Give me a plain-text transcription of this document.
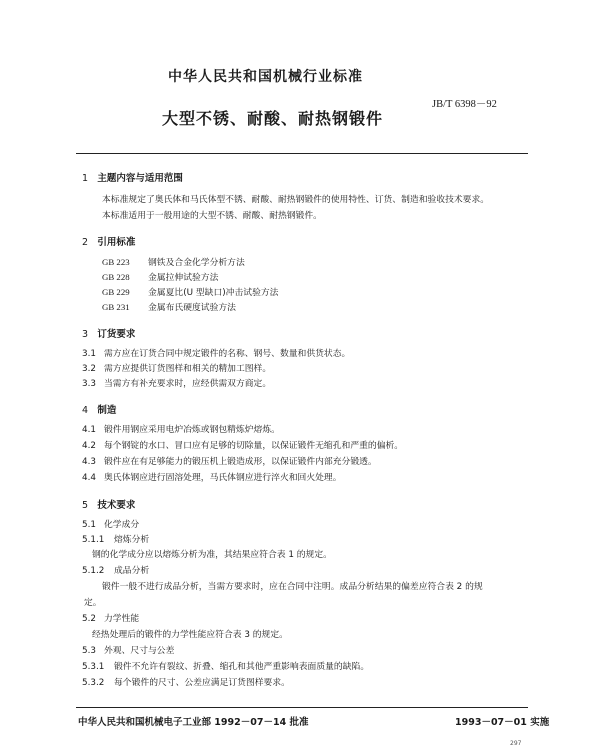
中华人民共和国机械行业标准
JB/T 6398－92
大型不锈、耐酸、耐热钢锻件
1 主题内容与适用范围
本标准规定了奥氏体和马氏体型不锈、耐酸、耐热钢锻件的使用特性、订货、制造和验收技术要求。
本标准适用于一般用途的大型不锈、耐酸、耐热钢锻件。
2 引用标准
GB 223 钢铁及合金化学分析方法
GB 228 金属拉伸试验方法
GB 229 金属夏比(U 型缺口)冲击试验方法
GB 231 金属布氏硬度试验方法
3 订货要求
3.1 需方应在订货合同中规定锻件的名称、钢号、数量和供货状态。
3.2 需方应提供订货图样和相关的精加工图样。
3.3 当需方有补充要求时，应经供需双方商定。
4 制造
4.1 锻件用钢应采用电炉冶炼或钢包精炼炉熔炼。
4.2 每个钢锭的水口、冒口应有足够的切除量，以保证锻件无缩孔和严重的偏析。
4.3 锻件应在有足够能力的锻压机上锻造成形，以保证锻件内部充分锻透。
4.4 奥氏体钢应进行固溶处理，马氏体钢应进行淬火和回火处理。
5 技术要求
5.1 化学成分
5.1.1 熔炼分析
钢的化学成分应以熔炼分析为准，其结果应符合表 1 的规定。
5.1.2 成品分析
锻件一般不进行成品分析，当需方要求时，应在合同中注明。成品分析结果的偏差应符合表 2 的规
定。
5.2 力学性能
经热处理后的锻件的力学性能应符合表 3 的规定。
5.3 外观、尺寸与公差
5.3.1 锻件不允许有裂纹、折叠、缩孔和其他严重影响表面质量的缺陷。
5.3.2 每个锻件的尺寸、公差应满足订货图样要求。
中华人民共和国机械电子工业部 1992－07－14 批准	1993－07－01 实施
297
